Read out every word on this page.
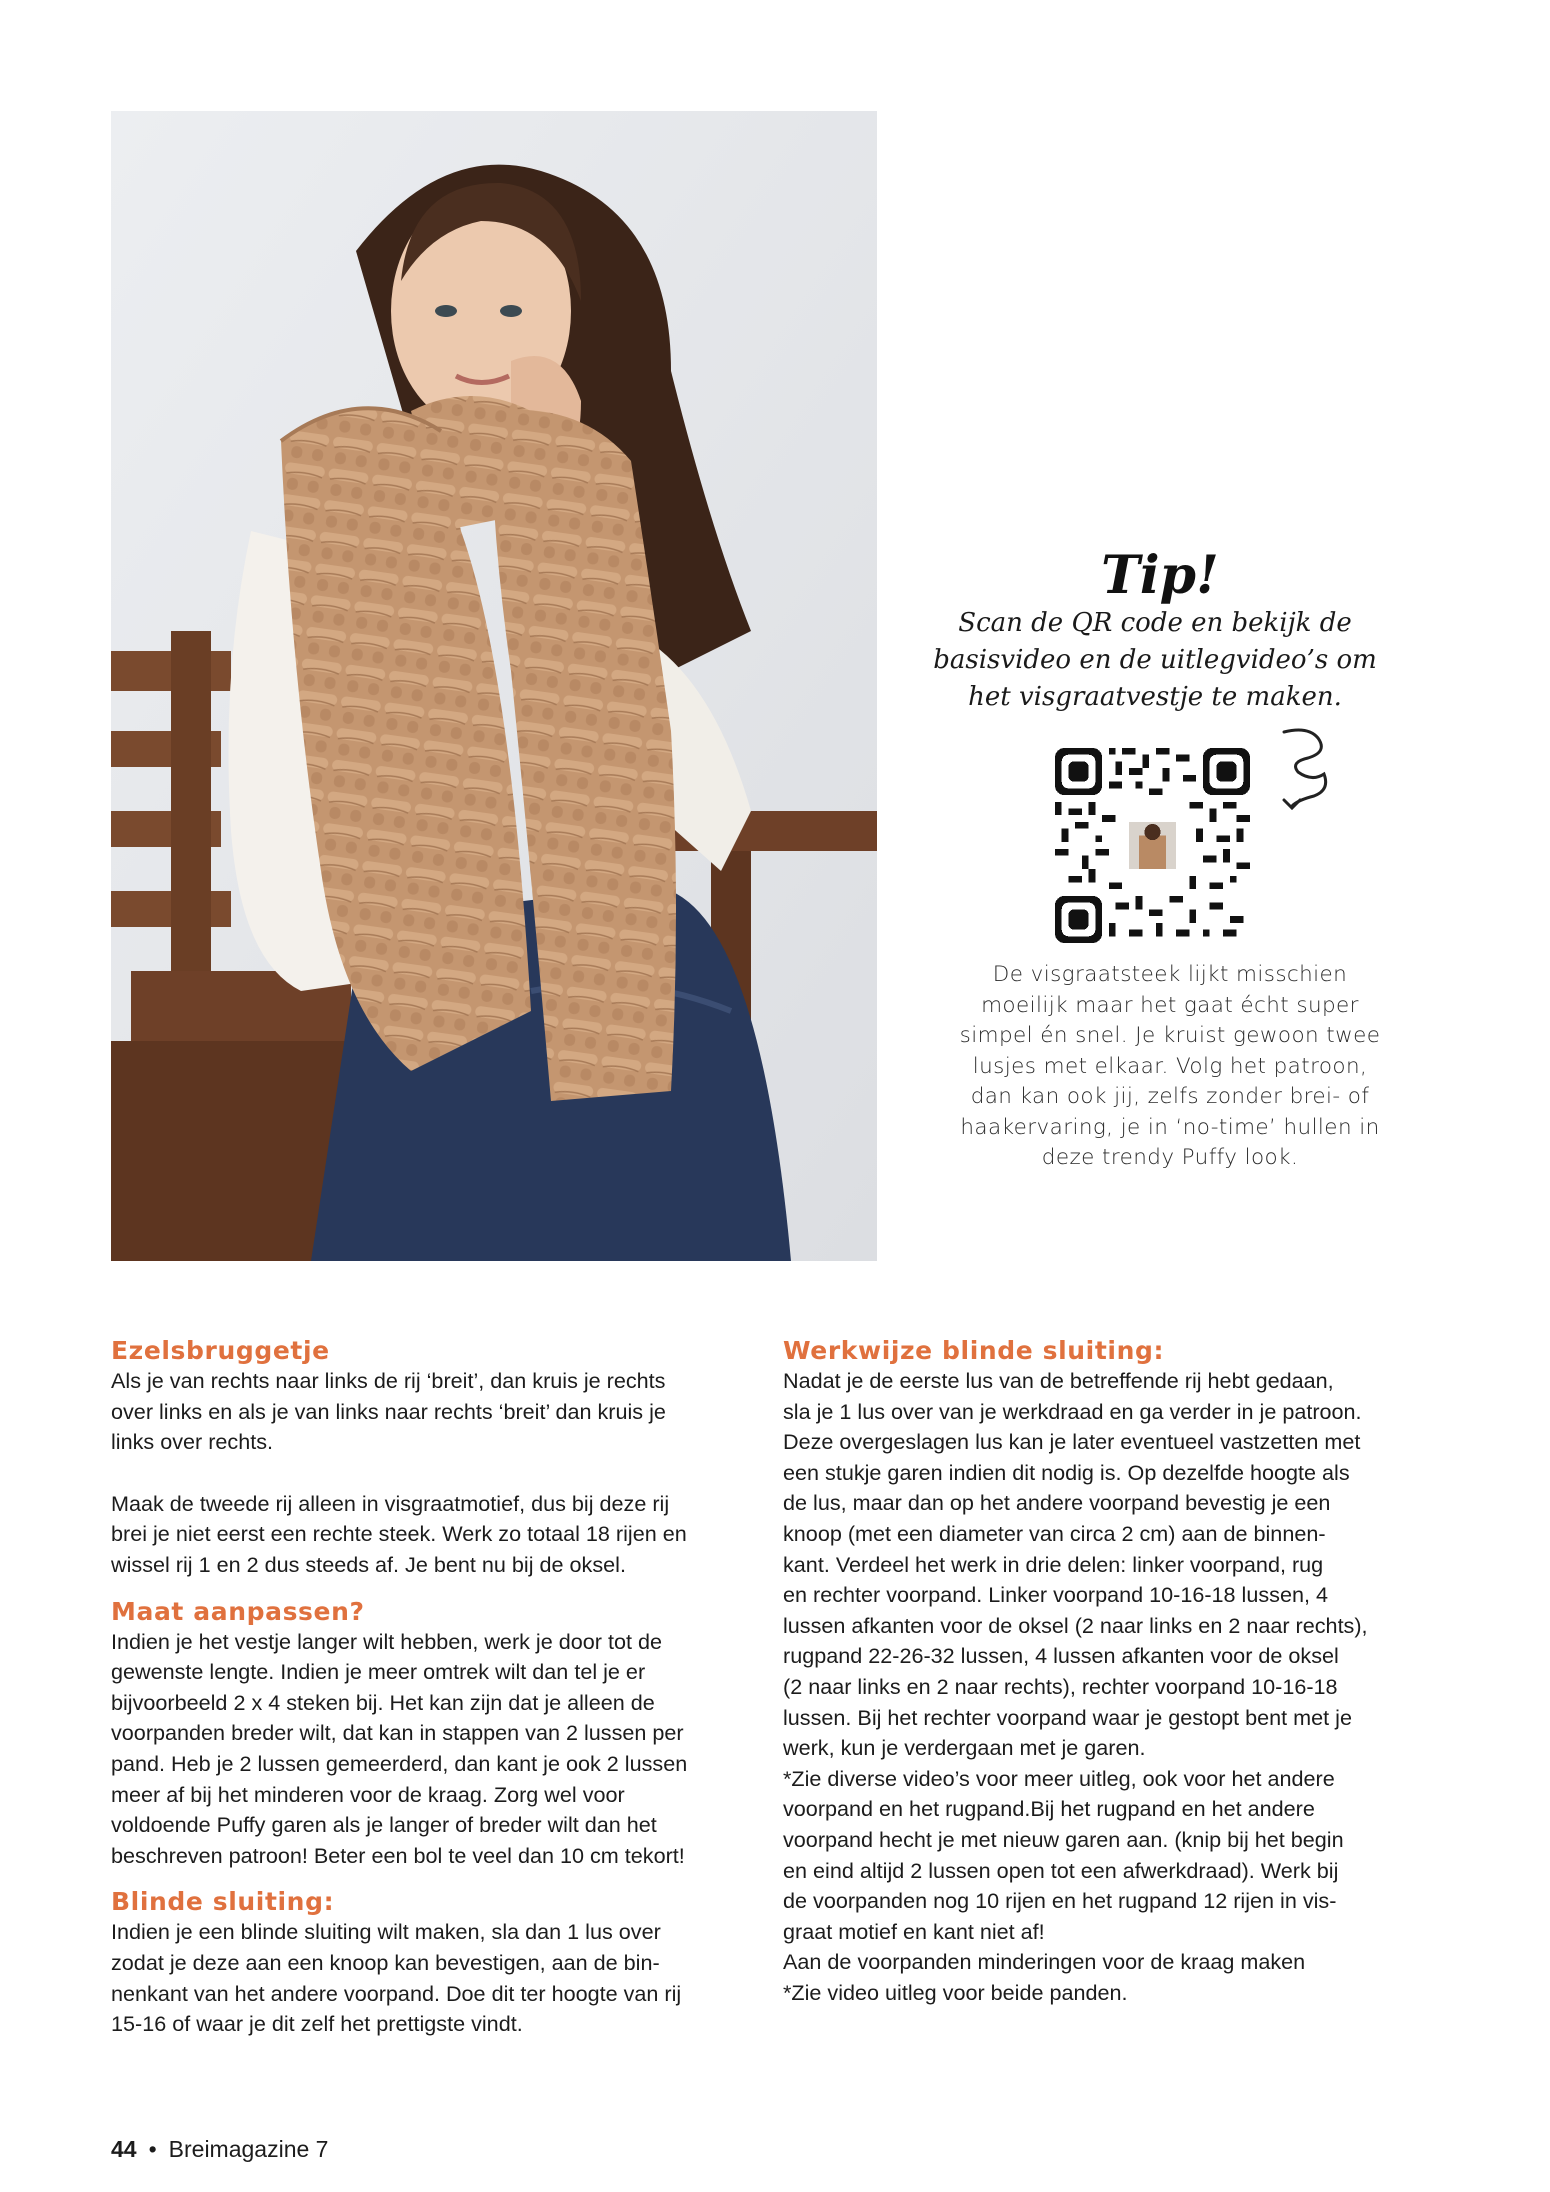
Tip!

Scan de QR code en bekijk de
basisvideo en de uitlegvideo’s om
het visgraatvestje te maken.

De visgraatsteek lijkt misschien
moeilijk maar het gaat écht super
simpel én snel. Je kruist gewoon twee
lusjes met elkaar. Volg het patroon,
dan kan ook jij, zelfs zonder brei- of
haakervaring, je in ‘no-time’ hullen in
deze trendy Puffy look.

Ezelsbruggetje

Als je van rechts naar links de rij ‘breit’, dan kruis je rechts
over links en als je van links naar rechts ‘breit’ dan kruis je
links over rechts.

Maak de tweede rij alleen in visgraatmotief, dus bij deze rij
brei je niet eerst een rechte steek. Werk zo totaal 18 rijen en
wissel rij 1 en 2 dus steeds af. Je bent nu bij de oksel.

Maat aanpassen?

Indien je het vestje langer wilt hebben, werk je door tot de
gewenste lengte. Indien je meer omtrek wilt dan tel je er
bijvoorbeeld 2 x 4 steken bij. Het kan zijn dat je alleen de
voorpanden breder wilt, dat kan in stappen van 2 lussen per
pand. Heb je 2 lussen gemeerderd, dan kant je ook 2 lussen
meer af bij het minderen voor de kraag. Zorg wel voor
voldoende Puffy garen als je langer of breder wilt dan het
beschreven patroon! Beter een bol te veel dan 10 cm tekort!

Blinde sluiting:

Indien je een blinde sluiting wilt maken, sla dan 1 lus over
zodat je deze aan een knoop kan bevestigen, aan de bin-
nenkant van het andere voorpand. Doe dit ter hoogte van rij
15-16 of waar je dit zelf het prettigste vindt.

Werkwijze blinde sluiting:

Nadat je de eerste lus van de betreffende rij hebt gedaan,
sla je 1 lus over van je werkdraad en ga verder in je patroon.
Deze overgeslagen lus kan je later eventueel vastzetten met
een stukje garen indien dit nodig is. Op dezelfde hoogte als
de lus, maar dan op het andere voorpand bevestig je een
knoop (met een diameter van circa 2 cm) aan de binnen-
kant. Verdeel het werk in drie delen: linker voorpand, rug
en rechter voorpand. Linker voorpand 10-16-18 lussen, 4
lussen afkanten voor de oksel (2 naar links en 2 naar rechts),
rugpand 22-26-32 lussen, 4 lussen afkanten voor de oksel
(2 naar links en 2 naar rechts), rechter voorpand 10-16-18
lussen. Bij het rechter voorpand waar je gestopt bent met je
werk, kun je verdergaan met je garen.
*Zie diverse video’s voor meer uitleg, ook voor het andere
voorpand en het rugpand.Bij het rugpand en het andere
voorpand hecht je met nieuw garen aan. (knip bij het begin
en eind altijd 2 lussen open tot een afwerkdraad). Werk bij
de voorpanden nog 10 rijen en het rugpand 12 rijen in vis-
graat motief en kant niet af!
Aan de voorpanden minderingen voor de kraag maken
*Zie video uitleg voor beide panden.

44 • Breimagazine 7
